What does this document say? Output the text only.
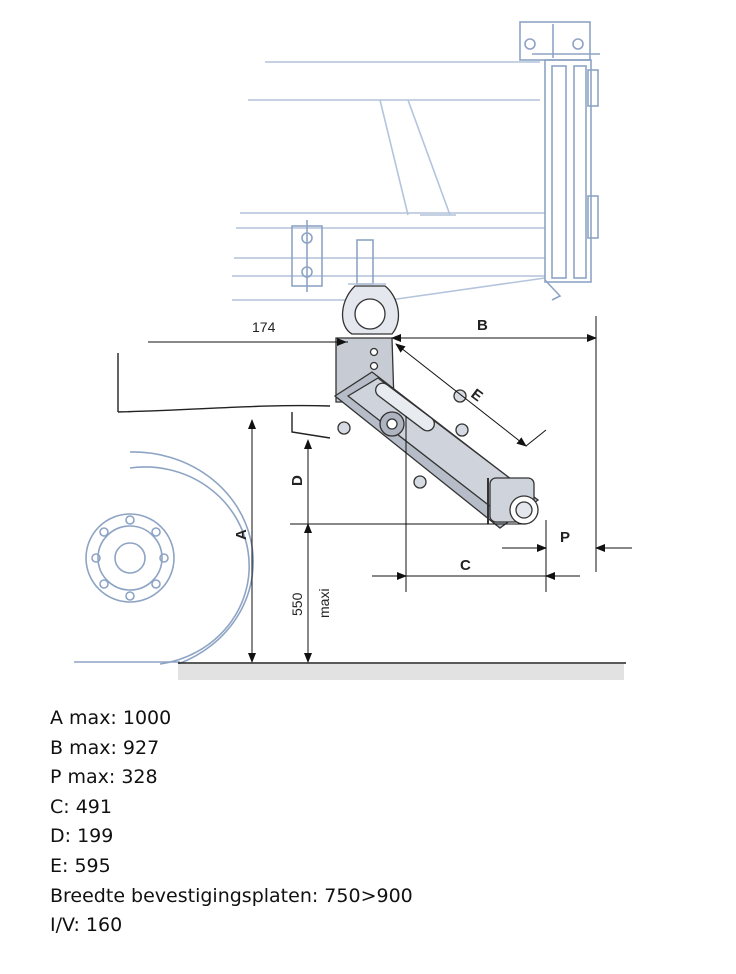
174	B
E
D
A
C
P
550 maxi
A max: 1000
B max: 927
P max: 328
C: 491
D: 199
E: 595
Breedte bevestigingsplaten: 750>900
I/V: 160
